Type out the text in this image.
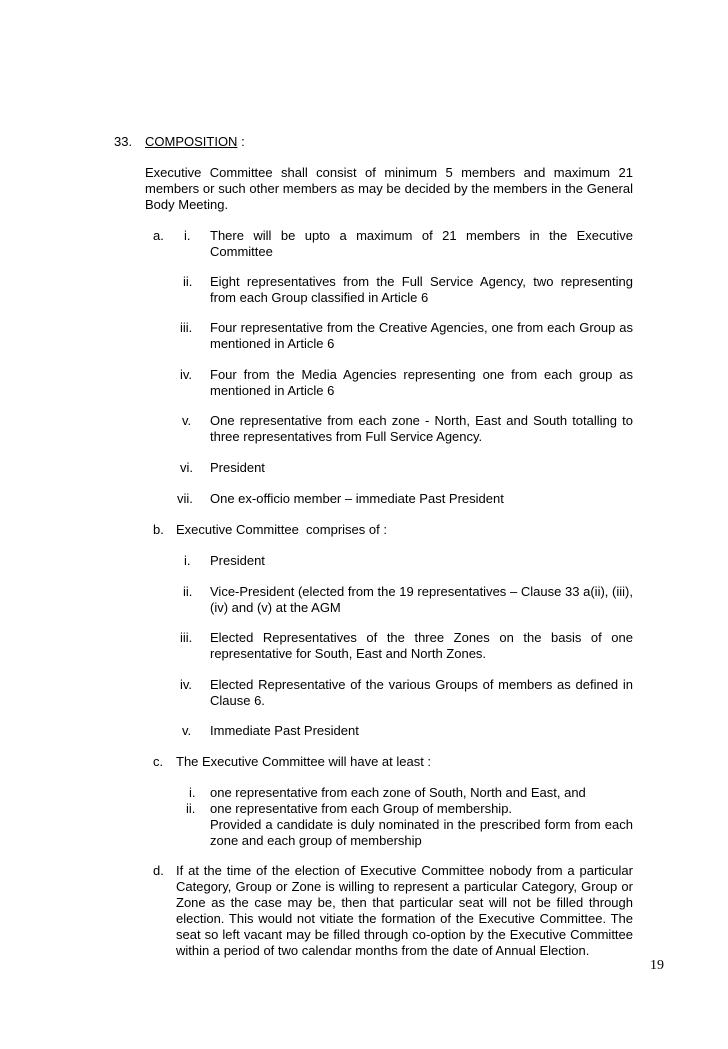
33. COMPOSITION :
Executive Committee shall consist of minimum 5 members and maximum 21 members or such other members as may be decided by the members in the General Body Meeting.
a. i. There will be upto a maximum of 21 members in the Executive Committee
ii. Eight representatives from the Full Service Agency, two representing from each Group classified in Article 6
iii. Four representative from the Creative Agencies, one from each Group as mentioned in Article 6
iv. Four from the Media Agencies representing one from each group as mentioned in Article 6
v. One representative from each zone - North, East and South totalling to three representatives from Full Service Agency.
vi. President
vii. One ex-officio member – immediate Past President
b. Executive Committee  comprises of :
i. President
ii. Vice-President (elected from the 19 representatives – Clause 33 a(ii), (iii), (iv) and (v) at the AGM
iii. Elected Representatives of the three Zones on the basis of one representative for South, East and North Zones.
iv. Elected Representative of the various Groups of members as defined in Clause 6.
v. Immediate Past President
c. The Executive Committee will have at least :
i. one representative from each zone of South, North and East, and
ii. one representative from each Group of membership.
Provided a candidate is duly nominated in the prescribed form from each zone and each group of membership
d. If at the time of the election of Executive Committee nobody from a particular Category, Group or Zone is willing to represent a particular Category, Group or Zone as the case may be, then that particular seat will not be filled through election. This would not vitiate the formation of the Executive Committee. The seat so left vacant may be filled through co-option by the Executive Committee within a period of two calendar months from the date of Annual Election.
19
